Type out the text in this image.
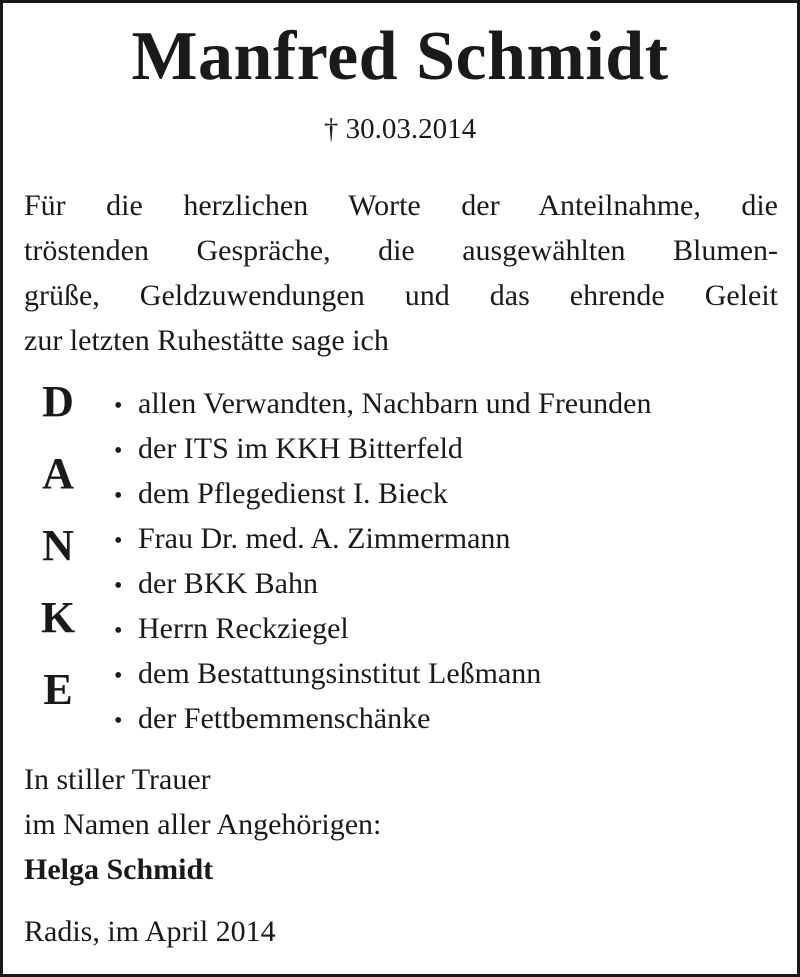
Manfred Schmidt
† 30.03.2014
Für die herzlichen Worte der Anteilnahme, die
tröstenden Gespräche, die ausgewählten Blumen-
grüße, Geldzuwendungen und das ehrende Geleit
zur letzten Ruhestätte sage ich
D
A
N
K
E
• allen Verwandten, Nachbarn und Freunden
• der ITS im KKH Bitterfeld
• dem Pflegedienst I. Bieck
• Frau Dr. med. A. Zimmermann
• der BKK Bahn
• Herrn Reckziegel
• dem Bestattungsinstitut Leßmann
• der Fettbemmenschänke
In stiller Trauer
im Namen aller Angehörigen:
Helga Schmidt
Radis, im April 2014
